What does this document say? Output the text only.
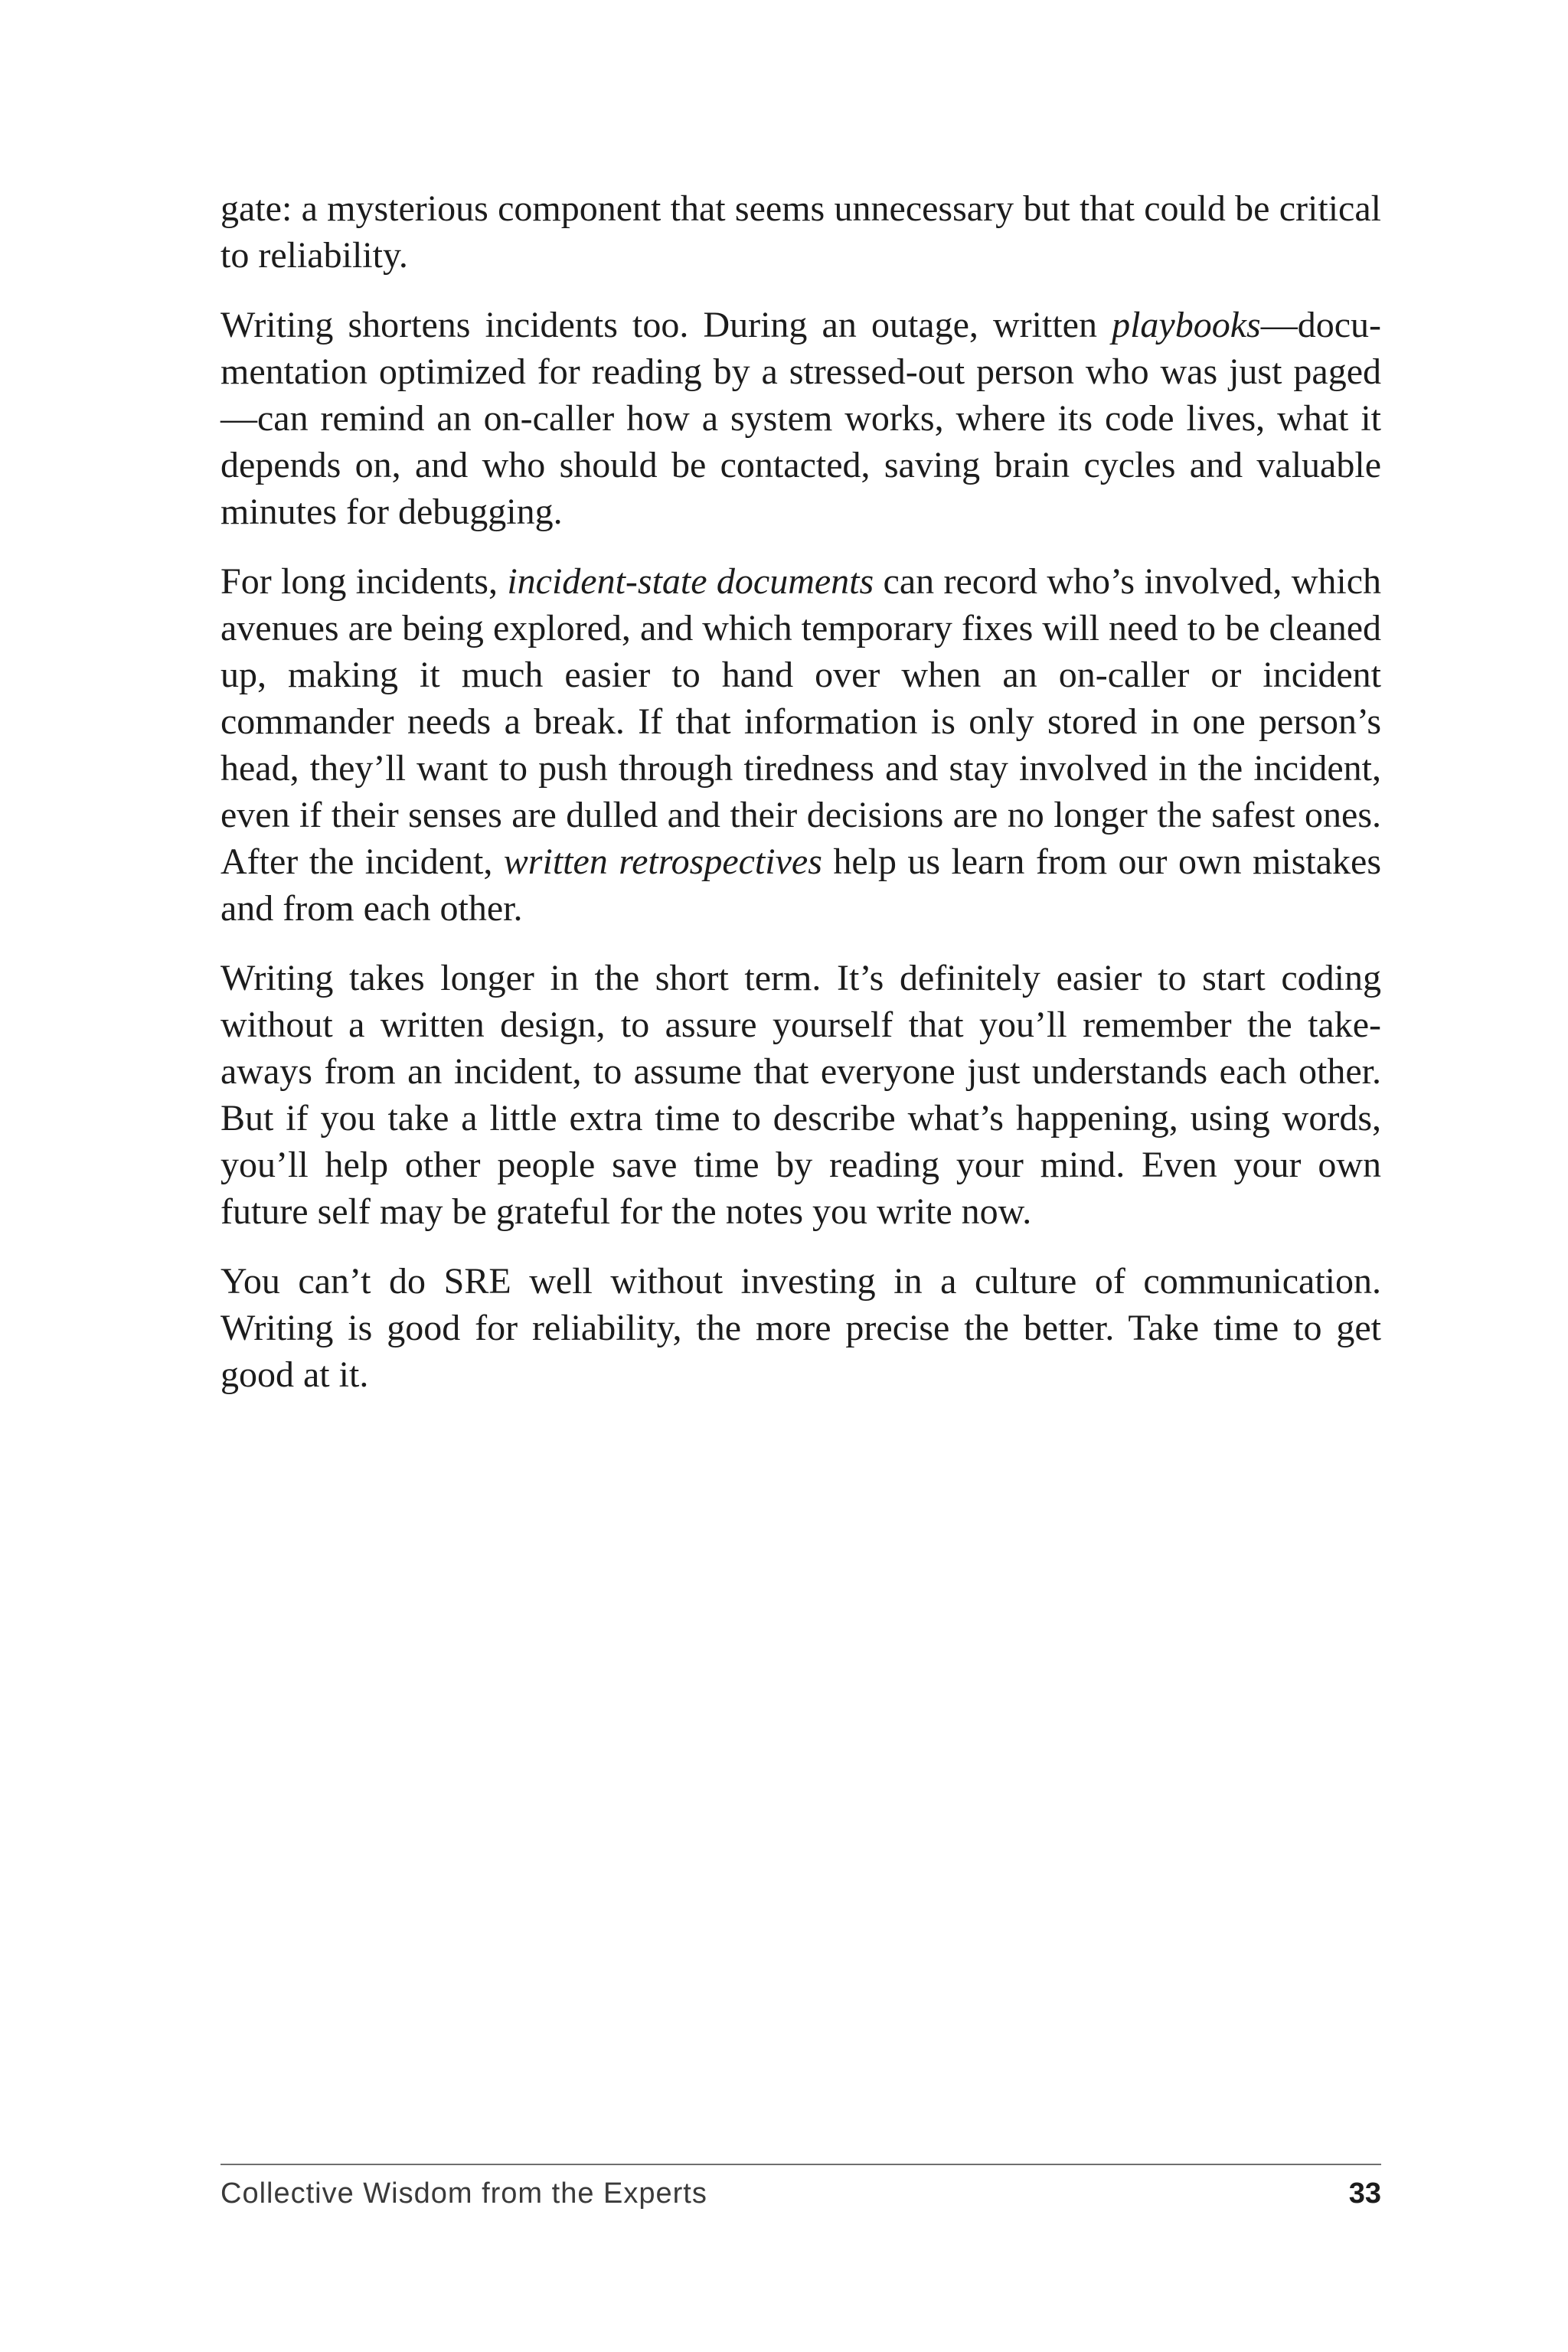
gate: a mysterious component that seems unnecessary but that could be critical to reliability.

Writing shortens incidents too. During an outage, written playbooks—documentation optimized for reading by a stressed-out person who was just paged—can remind an on-caller how a system works, where its code lives, what it depends on, and who should be contacted, saving brain cycles and valuable minutes for debugging.

For long incidents, incident-state documents can record who’s involved, which avenues are being explored, and which temporary fixes will need to be cleaned up, making it much easier to hand over when an on-caller or incident commander needs a break. If that information is only stored in one person’s head, they’ll want to push through tiredness and stay involved in the incident, even if their senses are dulled and their decisions are no longer the safest ones. After the incident, written retrospectives help us learn from our own mistakes and from each other.

Writing takes longer in the short term. It’s definitely easier to start coding without a written design, to assure yourself that you’ll remember the takeaways from an incident, to assume that everyone just understands each other. But if you take a little extra time to describe what’s happening, using words, you’ll help other people save time by reading your mind. Even your own future self may be grateful for the notes you write now.

You can’t do SRE well without investing in a culture of communication. Writing is good for reliability, the more precise the better. Take time to get good at it.

Collective Wisdom from the Experts	33
